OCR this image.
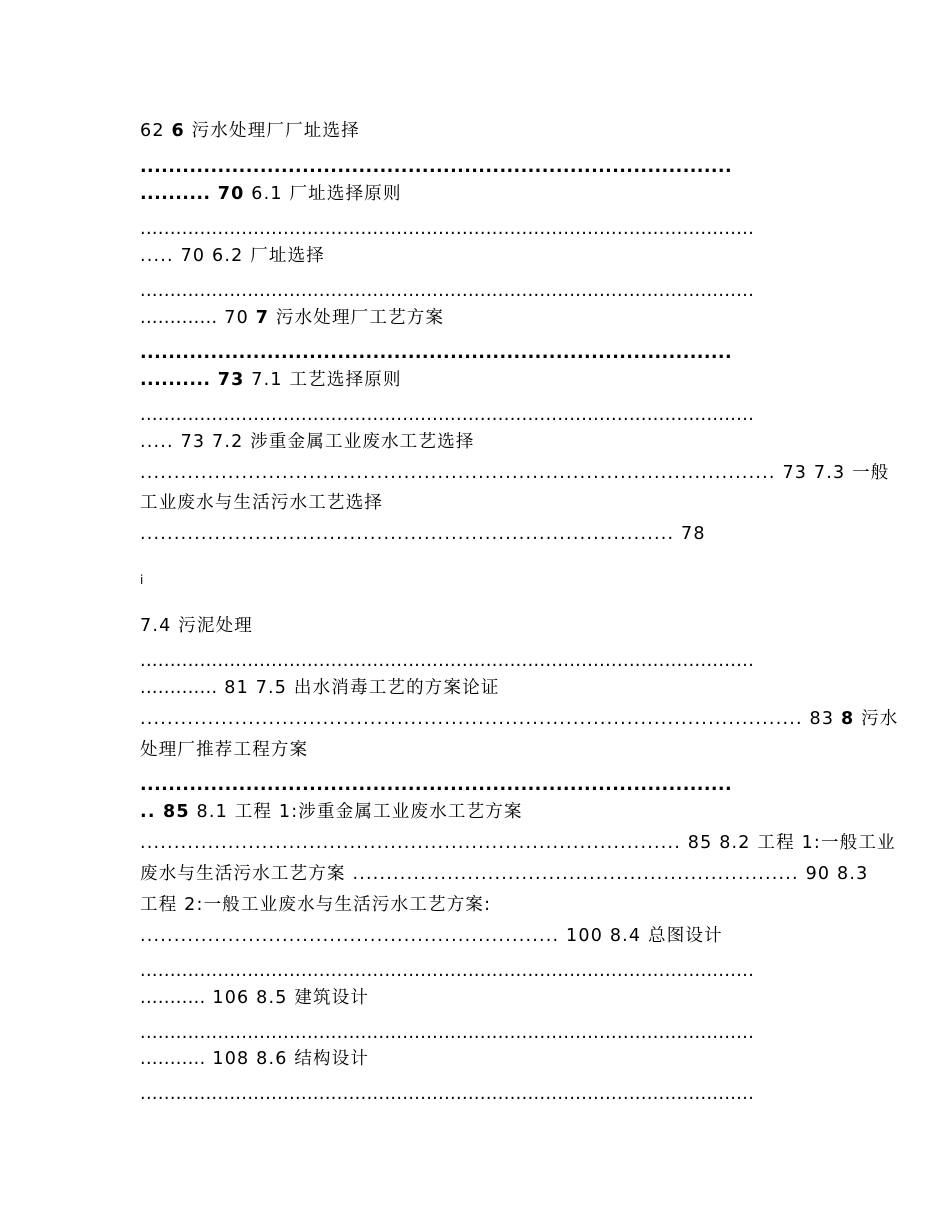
62 6 污水处理厂厂址选择
....................................................................................
.......... 70 6.1 厂址选择原则
.......................................................................................................
..... 70 6.2 厂址选择
.......................................................................................................
............. 70 7 污水处理厂工艺方案
....................................................................................
.......... 73 7.1 工艺选择原则
.......................................................................................................
..... 73 7.2 涉重金属工业废水工艺选择
.............................................................................................. 73 7.3 一般
工业废水与生活污水工艺选择
............................................................................... 78
i
7.4 污泥处理
.......................................................................................................
............. 81 7.5 出水消毒工艺的方案论证
.................................................................................................. 83 8 污水
处理厂推荐工程方案
....................................................................................
.. 85 8.1 工程 1:涉重金属工业废水工艺方案
................................................................................ 85 8.2 工程 1:一般工业
废水与生活污水工艺方案 .................................................................. 90 8.3
工程 2:一般工业废水与生活污水工艺方案:
.............................................................. 100 8.4 总图设计
.......................................................................................................
........... 106 8.5 建筑设计
.......................................................................................................
........... 108 8.6 结构设计
.......................................................................................................
